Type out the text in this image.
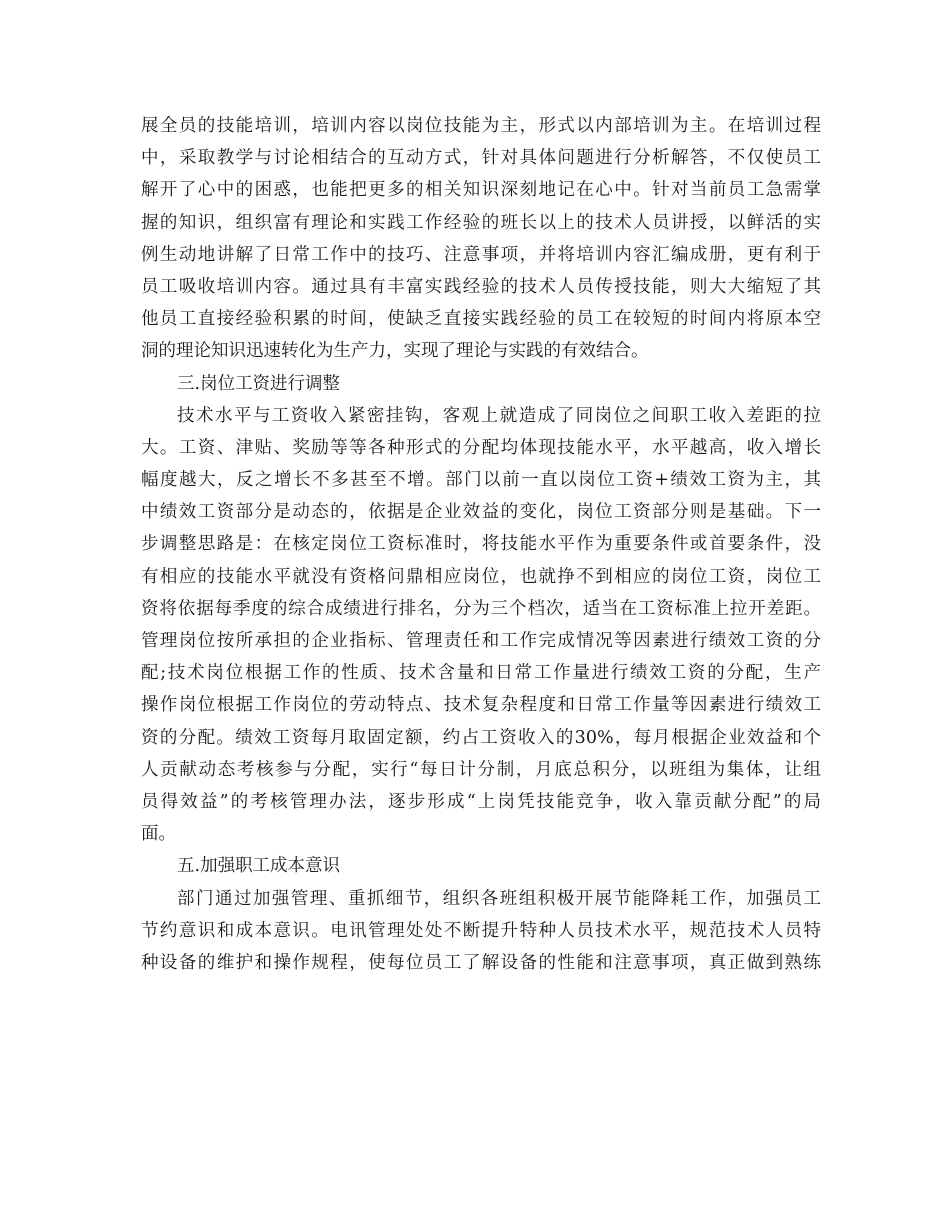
展全员的技能培训，培训内容以岗位技能为主，形式以内部培训为主。在培训过程
中，采取教学与讨论相结合的互动方式，针对具体问题进行分析解答，不仅使员工
解开了心中的困惑，也能把更多的相关知识深刻地记在心中。针对当前员工急需掌
握的知识，组织富有理论和实践工作经验的班长以上的技术人员讲授，以鲜活的实
例生动地讲解了日常工作中的技巧、注意事项，并将培训内容汇编成册，更有利于
员工吸收培训内容。通过具有丰富实践经验的技术人员传授技能，则大大缩短了其
他员工直接经验积累的时间，使缺乏直接实践经验的员工在较短的时间内将原本空
洞的理论知识迅速转化为生产力，实现了理论与实践的有效结合。
三.岗位工资进行调整
技术水平与工资收入紧密挂钩，客观上就造成了同岗位之间职工收入差距的拉
大。工资、津贴、奖励等等各种形式的分配均体现技能水平，水平越高，收入增长
幅度越大，反之增长不多甚至不增。部门以前一直以岗位工资+绩效工资为主，其
中绩效工资部分是动态的，依据是企业效益的变化，岗位工资部分则是基础。下一
步调整思路是：在核定岗位工资标准时，将技能水平作为重要条件或首要条件，没
有相应的技能水平就没有资格问鼎相应岗位，也就挣不到相应的岗位工资，岗位工
资将依据每季度的综合成绩进行排名，分为三个档次，适当在工资标准上拉开差距。
管理岗位按所承担的企业指标、管理责任和工作完成情况等因素进行绩效工资的分
配;技术岗位根据工作的性质、技术含量和日常工作量进行绩效工资的分配，生产
操作岗位根据工作岗位的劳动特点、技术复杂程度和日常工作量等因素进行绩效工
资的分配。绩效工资每月取固定额，约占工资收入的30%，每月根据企业效益和个
人贡献动态考核参与分配，实行“每日计分制，月底总积分，以班组为集体，让组
员得效益”的考核管理办法，逐步形成“上岗凭技能竞争，收入靠贡献分配”的局
面。
五.加强职工成本意识
部门通过加强管理、重抓细节，组织各班组积极开展节能降耗工作，加强员工
节约意识和成本意识。电讯管理处处不断提升特种人员技术水平，规范技术人员特
种设备的维护和操作规程，使每位员工了解设备的性能和注意事项，真正做到熟练
